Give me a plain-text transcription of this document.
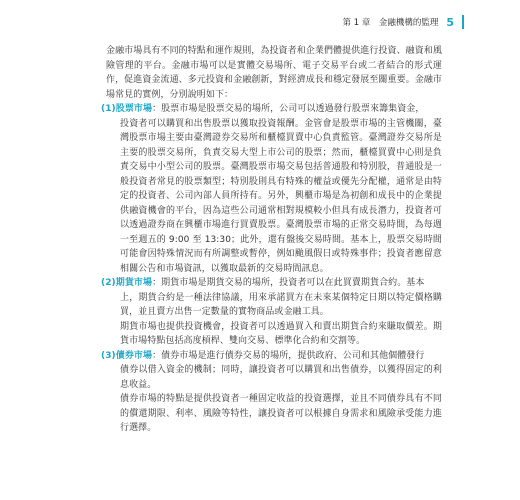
第 1 章　金融機構的監理 5

金融市場具有不同的特點和運作規則，為投資者和企業們體提供進行投資、融資和風險管理的平台。金融市場可以是實體交易場所、電子交易平台或二者結合的形式運作，促進資金流通、多元投資和金融創新，對經濟成長和穩定發展至關重要。金融市場常見的實例，分別說明如下：

(1)股票市場：股票市場是股票交易的場所，公司可以透過發行股票來籌集資金，

投資者可以購買和出售股票以獲取投資報酬。金管會是股票市場的主管機關，臺灣股票市場主要由臺灣證券交易所和櫃檯買賣中心負責監管。臺灣證券交易所是主要的股票交易所，負責交易大型上市公司的股票；然而，櫃檯買賣中心則是負責交易中小型公司的股票。臺灣股票市場交易包括普通股和特別股，普通股是一般投資者常見的股票類型；特別股則具有特殊的權益或優先分配權，通常是由特定的投資者、公司內部人員所持有。另外，興櫃市場是為初創和成長中的企業提供融資機會的平台，因為這些公司通常相對規模較小但具有成長潛力，投資者可以透過證券商在興櫃市場進行買賣股票。臺灣股票市場的正常交易時間，為每週一至週五的 9:00 至 13:30；此外，還有盤後交易時間。基本上，股票交易時間可能會因特殊情況而有所調整或暫停，例如颱風假日或特殊事件；投資者應留意相關公告和市場資訊，以獲取最新的交易時間訊息。

(2)期貨市場：期貨市場是期貨交易的場所，投資者可以在此買賣期貨合約。基本

上，期貨合約是一種法律協議，用來承諾買方在未來某個特定日期以特定價格購買，並且賣方出售一定數量的實物商品或金融工具。

期貨市場也提供投資機會，投資者可以透過買入和賣出期貨合約來賺取價差。期貨市場特點包括高度槓桿、雙向交易、標準化合約和交割等。

(3)債券市場：債券市場是進行債券交易的場所，提供政府、公司和其他個體發行

債券以借入資金的機制；同時，讓投資者可以購買和出售債券，以獲得固定的利息收益。

債券市場的特點是提供投資者一種固定收益的投資選擇，並且不同債券具有不同的償還期限、利率、風險等特性，讓投資者可以根據自身需求和風險承受能力進行選擇。
